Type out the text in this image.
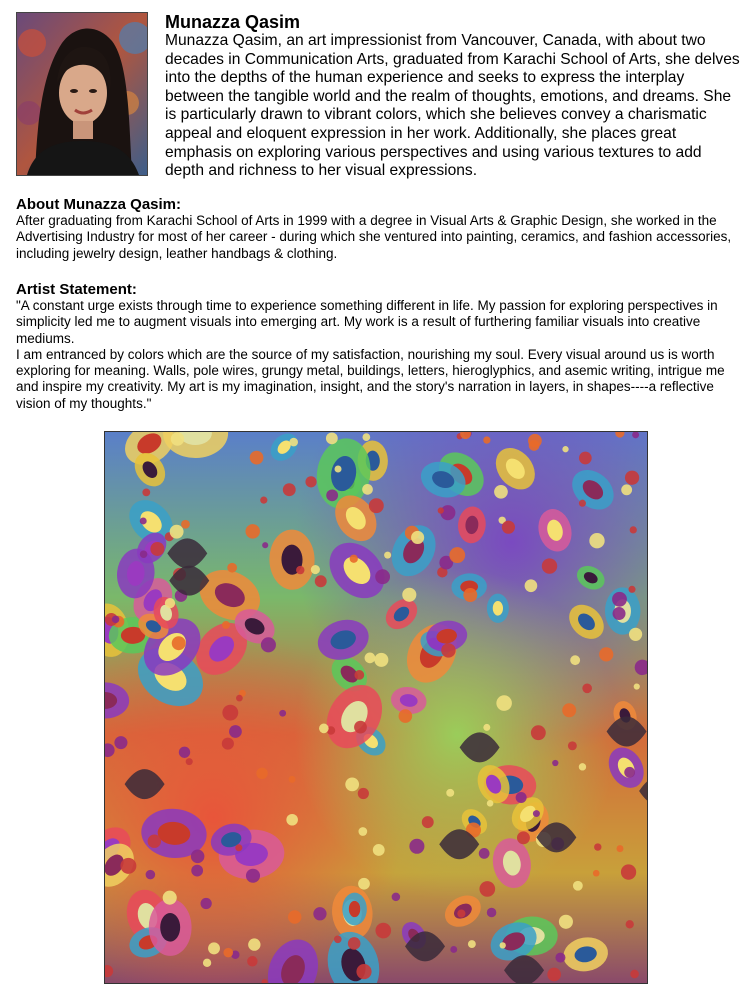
Munazza Qasim

Munazza Qasim, an art impressionist from Vancouver, Canada, with about two decades in Communication Arts, graduated from Karachi School of Arts, she delves into the depths of the human experience and seeks to express the interplay between the tangible world and the realm of thoughts, emotions, and dreams. She is particularly drawn to vibrant colors, which she believes convey a charismatic appeal and eloquent expression in her work. Additionally, she places great emphasis on exploring various perspectives and using various textures to add depth and richness to her visual expressions.

About Munazza Qasim:

After graduating from Karachi School of Arts in 1999 with a degree in Visual Arts & Graphic Design, she worked in the Advertising Industry for most of her career - during which she ventured into painting, ceramics, and fashion accessories, including jewelry design, leather handbags & clothing.

Artist Statement:

"A constant urge exists through time to experience something different in life. My passion for exploring perspectives in simplicity led me to augment visuals into emerging art. My work is a result of furthering familiar visuals into creative mediums.

I am entranced by colors which are the source of my satisfaction, nourishing my soul. Every visual around us is worth exploring for meaning. Walls, pole wires, grungy metal, buildings, letters, hieroglyphics, and asemic writing, intrigue me and inspire my creativity. My art is my imagination, insight, and the story's narration in layers, in shapes----a reflective vision of my thoughts."
